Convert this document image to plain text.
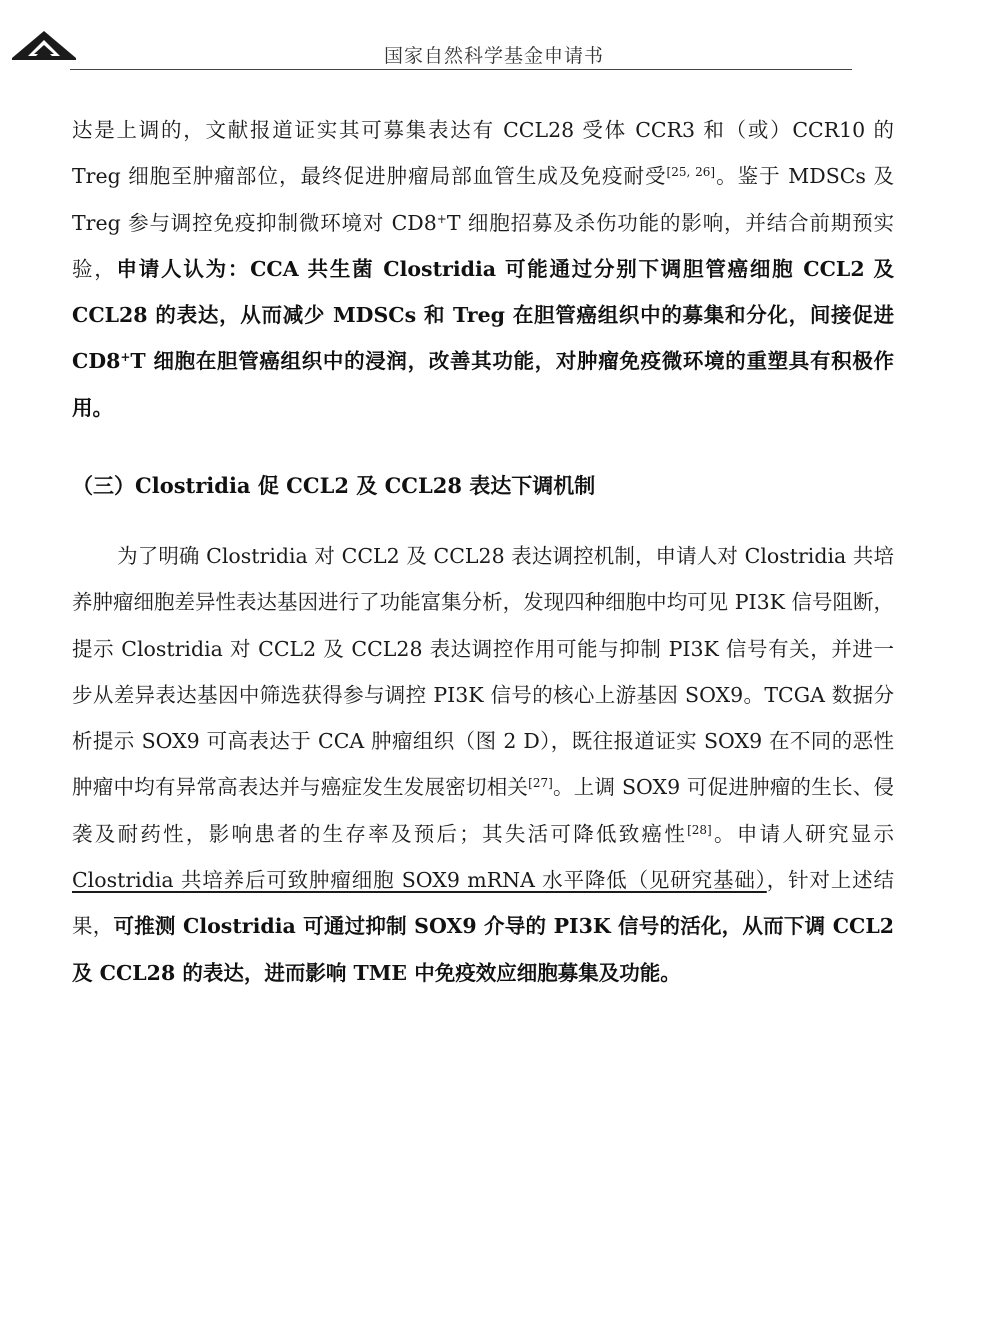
国家自然科学基金申请书
达是上调的，文献报道证实其可募集表达有 CCL28 受体 CCR3 和（或）CCR10 的 Treg 细胞至肿瘤部位，最终促进肿瘤局部血管生成及免疫耐受[25, 26]。鉴于 MDSCs 及 Treg 参与调控免疫抑制微环境对 CD8+T 细胞招募及杀伤功能的影响，并结合前期预实验，申请人认为：CCA 共生菌 Clostridia 可能通过分别下调胆管癌细胞 CCL2 及 CCL28 的表达，从而减少 MDSCs 和 Treg 在胆管癌组织中的募集和分化，间接促进 CD8+T 细胞在胆管癌组织中的浸润，改善其功能，对肿瘤免疫微环境的重塑具有积极作用。
（三）Clostridia 促 CCL2 及 CCL28 表达下调机制
为了明确 Clostridia 对 CCL2 及 CCL28 表达调控机制，申请人对 Clostridia 共培养肿瘤细胞差异性表达基因进行了功能富集分析，发现四种细胞中均可见 PI3K 信号阻断，提示 Clostridia 对 CCL2 及 CCL28 表达调控作用可能与抑制 PI3K 信号有关，并进一步从差异表达基因中筛选获得参与调控 PI3K 信号的核心上游基因 SOX9。TCGA 数据分析提示 SOX9 可高表达于 CCA 肿瘤组织（图 2 D），既往报道证实 SOX9 在不同的恶性肿瘤中均有异常高表达并与癌症发生发展密切相关[27]。上调 SOX9 可促进肿瘤的生长、侵袭及耐药性，影响患者的生存率及预后；其失活可降低致癌性[28]。申请人研究显示Clostridia 共培养后可致肿瘤细胞 SOX9 mRNA 水平降低（见研究基础），针对上述结果，可推测 Clostridia 可通过抑制 SOX9 介导的 PI3K 信号的活化，从而下调 CCL2 及 CCL28 的表达，进而影响 TME 中免疫效应细胞募集及功能。
